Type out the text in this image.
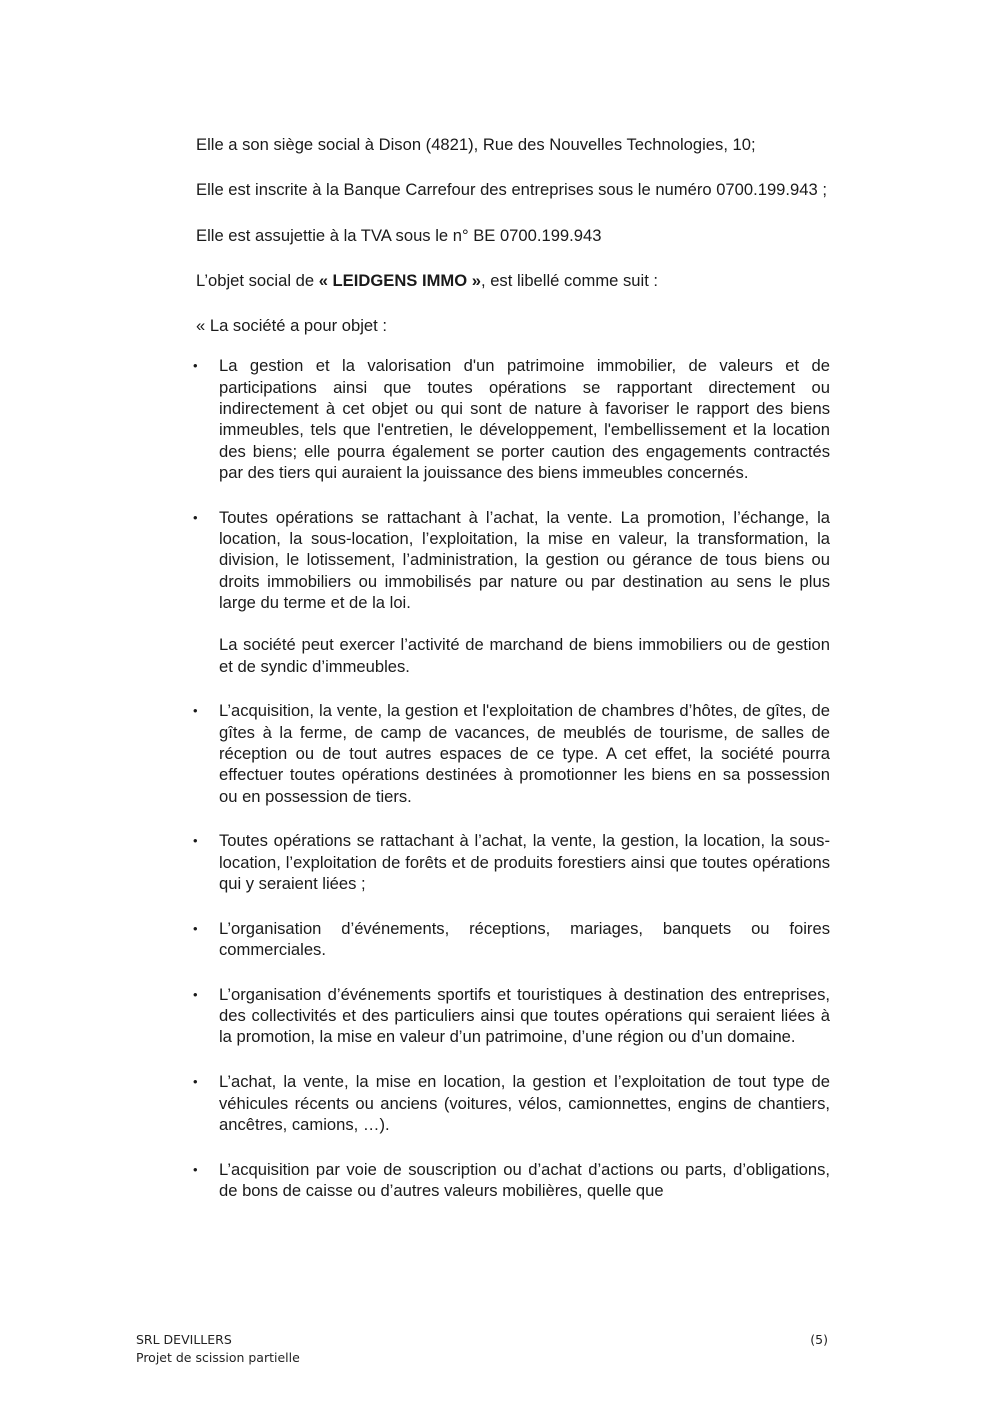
Elle a son siège social à Dison (4821), Rue des Nouvelles Technologies, 10;

Elle est inscrite à la Banque Carrefour des entreprises sous le numéro 0700.199.943 ;

Elle est assujettie à la TVA sous le n° BE 0700.199.943

L’objet social de « LEIDGENS IMMO », est libellé comme suit :

« La société a pour objet :

• La gestion et la valorisation d'un patrimoine immobilier, de valeurs et de participations ainsi que toutes opérations se rapportant directement ou indirectement à cet objet ou qui sont de nature à favoriser le rapport des biens immeubles, tels que l'entretien, le développement, l'embellissement et la location des biens; elle pourra également se porter caution des engagements contractés par des tiers qui auraient la jouissance des biens immeubles concernés.
• Toutes opérations se rattachant à l’achat, la vente. La promotion, l’échange, la location, la sous-location, l’exploitation, la mise en valeur, la transformation, la division, le lotissement, l’administration, la gestion ou gérance de tous biens ou droits immobiliers ou immobilisés par nature ou par destination au sens le plus large du terme et de la loi.
La société peut exercer l’activité de marchand de biens immobiliers ou de gestion et de syndic d’immeubles.
• L’acquisition, la vente, la gestion et l'exploitation de chambres d’hôtes, de gîtes, de gîtes à la ferme, de camp de vacances, de meublés de tourisme, de salles de réception ou de tout autres espaces de ce type. A cet effet, la société pourra effectuer toutes opérations destinées à promotionner les biens en sa possession ou en possession de tiers.
• Toutes opérations se rattachant à l’achat, la vente, la gestion, la location, la sous-location, l’exploitation de forêts et de produits forestiers ainsi que toutes opérations qui y seraient liées ;
• L’organisation d’événements, réceptions, mariages, banquets ou foires commerciales.
• L’organisation d’événements sportifs et touristiques à destination des entreprises, des collectivités et des particuliers ainsi que toutes opérations qui seraient liées à la promotion, la mise en valeur d’un patrimoine, d’une région ou d’un domaine.
• L’achat, la vente, la mise en location, la gestion et l’exploitation de tout type de véhicules récents ou anciens (voitures, vélos, camionnettes, engins de chantiers, ancêtres, camions, …).
• L’acquisition par voie de souscription ou d’achat d’actions ou parts, d’obligations, de bons de caisse ou d’autres valeurs mobilières, quelle que
SRL DEVILLERS
Projet de scission partielle
(5)
